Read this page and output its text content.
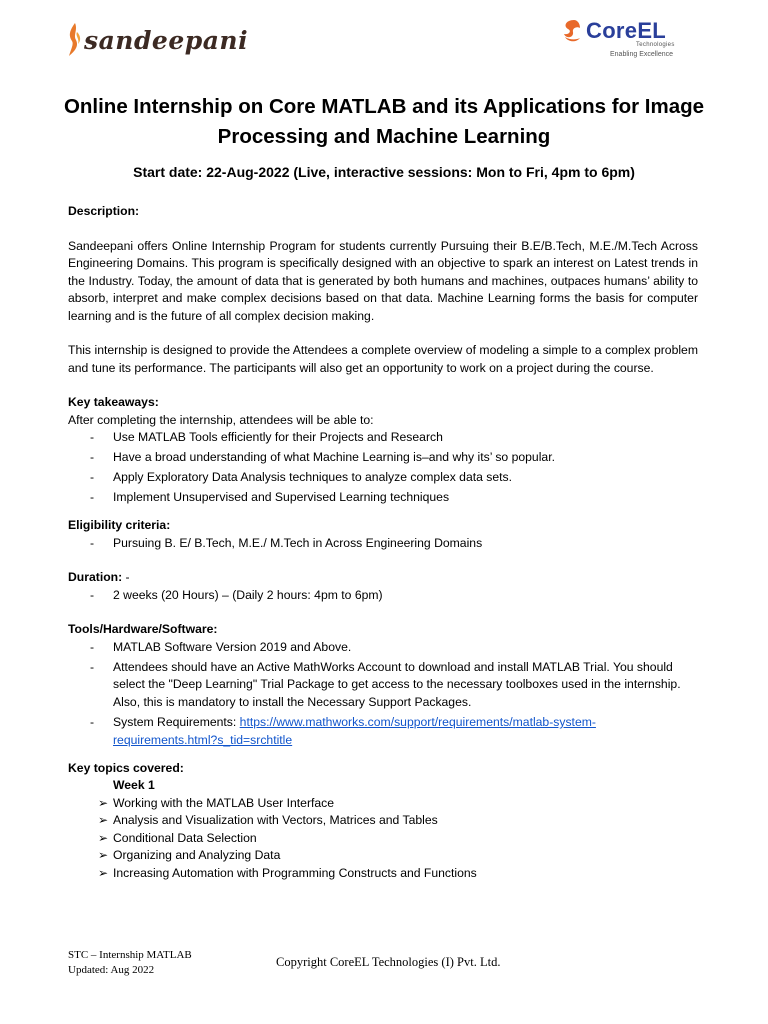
sandeepani	CoreEL
Technologies
Enabling Excellence
Online Internship on Core MATLAB and its Applications for Image Processing and Machine Learning
Start date: 22-Aug-2022 (Live, interactive sessions: Mon to Fri, 4pm to 6pm)
Description:
Sandeepani offers Online Internship Program for students currently Pursuing their B.E/B.Tech, M.E./M.Tech Across Engineering Domains. This program is specifically designed with an objective to spark an interest on Latest trends in the Industry. Today, the amount of data that is generated by both humans and machines, outpaces humans’ ability to absorb, interpret and make complex decisions based on that data. Machine Learning forms the basis for computer learning and is the future of all complex decision making.
This internship is designed to provide the Attendees a complete overview of modeling a simple to a complex problem and tune its performance. The participants will also get an opportunity to work on a project during the course.
Key takeaways:
After completing the internship, attendees will be able to:
- Use MATLAB Tools efficiently for their Projects and Research
- Have a broad understanding of what Machine Learning is–and why its’ so popular.
- Apply Exploratory Data Analysis techniques to analyze complex data sets.
- Implement Unsupervised and Supervised Learning techniques
Eligibility criteria:
- Pursuing B. E/ B.Tech, M.E./ M.Tech in Across Engineering Domains
Duration: -
- 2 weeks (20 Hours) – (Daily 2 hours: 4pm to 6pm)
Tools/Hardware/Software:
- MATLAB Software Version 2019 and Above.
- Attendees should have an Active MathWorks Account to download and install MATLAB Trial. You should select the "Deep Learning" Trial Package to get access to the necessary toolboxes used in the internship. Also, this is mandatory to install the Necessary Support Packages.
- System Requirements: https://www.mathworks.com/support/requirements/matlab-system-
requirements.html?s_tid=srchtitle
Key topics covered:
Week 1
➢ Working with the MATLAB User Interface
➢ Analysis and Visualization with Vectors, Matrices and Tables
➢ Conditional Data Selection
➢ Organizing and Analyzing Data
➢ Increasing Automation with Programming Constructs and Functions
STC – Internship MATLAB
Updated: Aug 2022
Copyright CoreEL Technologies (I) Pvt. Ltd.
